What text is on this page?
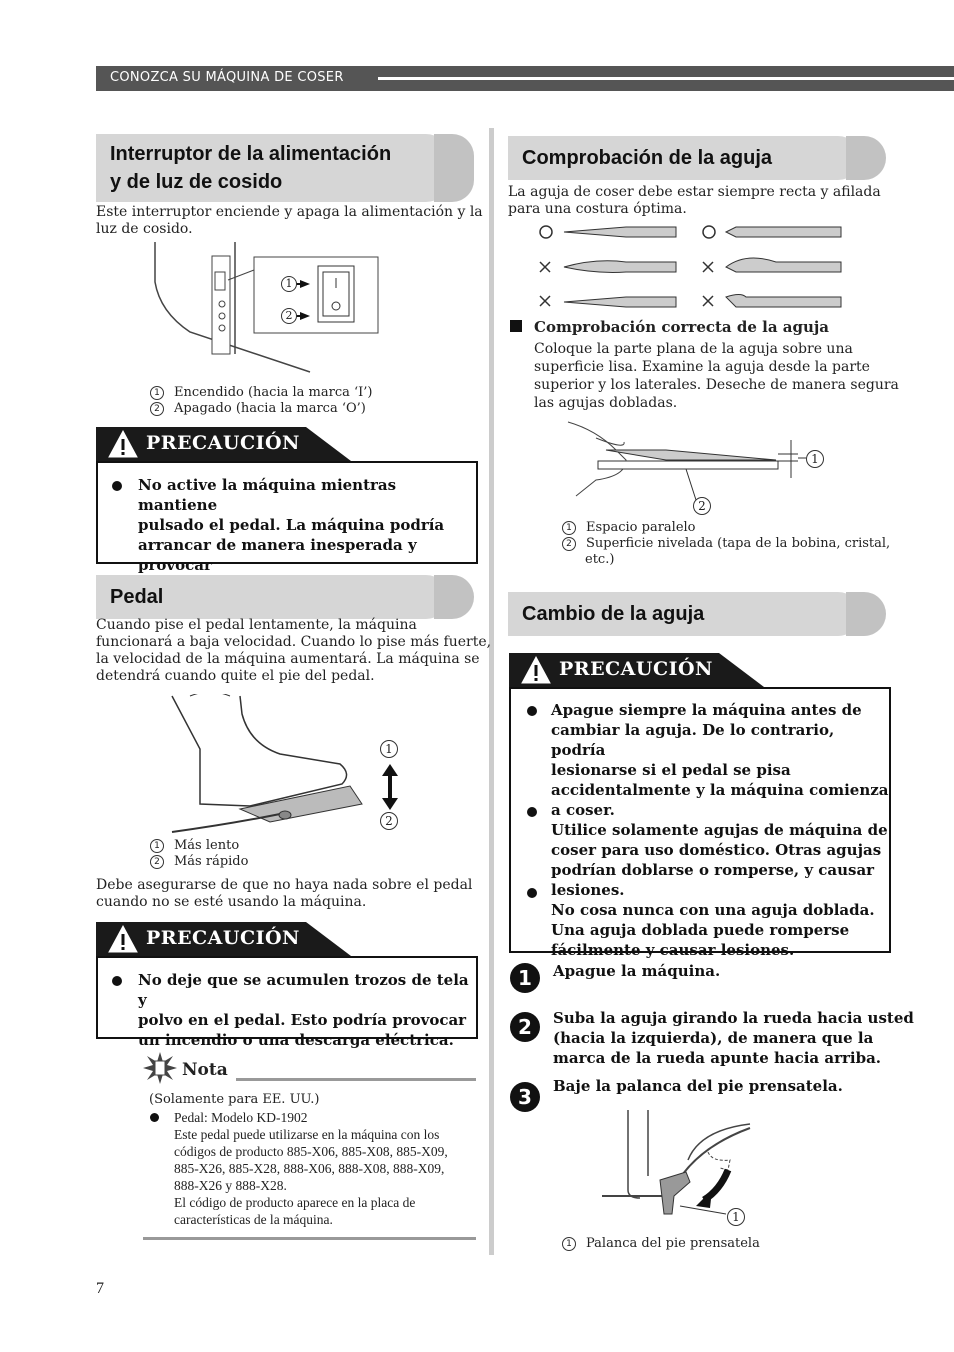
CONOZCA SU MÁQUINA DE COSER
Interruptor de la alimentación
y de luz de cosido
Este interruptor enciende y apaga la alimentación y la
luz de cosido.
1
2
1 Encendido (hacia la marca ‘I’)
2 Apagado (hacia la marca ‘O’)
PRECAUCIÓN
No active la máquina mientras mantiene
pulsado el pedal. La máquina podría
arrancar de manera inesperada y provocar
Pedal
Cuando pise el pedal lentamente, la máquina
funcionará a baja velocidad. Cuando lo pise más fuerte,
la velocidad de la máquina aumentará. La máquina se
detendrá cuando quite el pie del pedal.
1
2
1 Más lento
2 Más rápido
Debe asegurarse de que no haya nada sobre el pedal
cuando no se esté usando la máquina.
PRECAUCIÓN
No deje que se acumulen trozos de tela y
polvo en el pedal. Esto podría provocar
un incendio o una descarga eléctrica.
Nota
(Solamente para EE. UU.)
Pedal: Modelo KD-1902
Este pedal puede utilizarse en la máquina con los
códigos de producto 885-X06, 885-X08, 885-X09,
885-X26, 885-X28, 888-X06, 888-X08, 888-X09,
888-X26 y 888-X28.
El código de producto aparece en la placa de
características de la máquina.
Comprobación de la aguja
La aguja de coser debe estar siempre recta y afilada
para una costura óptima.
Comprobación correcta de la aguja
Coloque la parte plana de la aguja sobre una
superficie lisa. Examine la aguja desde la parte
superior y los laterales. Deseche de manera segura
las agujas dobladas.
1
2
1 Espacio paralelo
2 Superficie nivelada (tapa de la bobina, cristal,
etc.)
Cambio de la aguja
PRECAUCIÓN
Apague siempre la máquina antes de
cambiar la aguja. De lo contrario, podría
lesionarse si el pedal se pisa
accidentalmente y la máquina comienza
a coser.
Utilice solamente agujas de máquina de
coser para uso doméstico. Otras agujas
podrían doblarse o romperse, y causar
lesiones.
No cosa nunca con una aguja doblada.
Una aguja doblada puede romperse
fácilmente y causar lesiones.
1	Apague la máquina.
2	Suba la aguja girando la rueda hacia usted
(hacia la izquierda), de manera que la
marca de la rueda apunte hacia arriba.
3	Baje la palanca del pie prensatela.
1
1 Palanca del pie prensatela
7
